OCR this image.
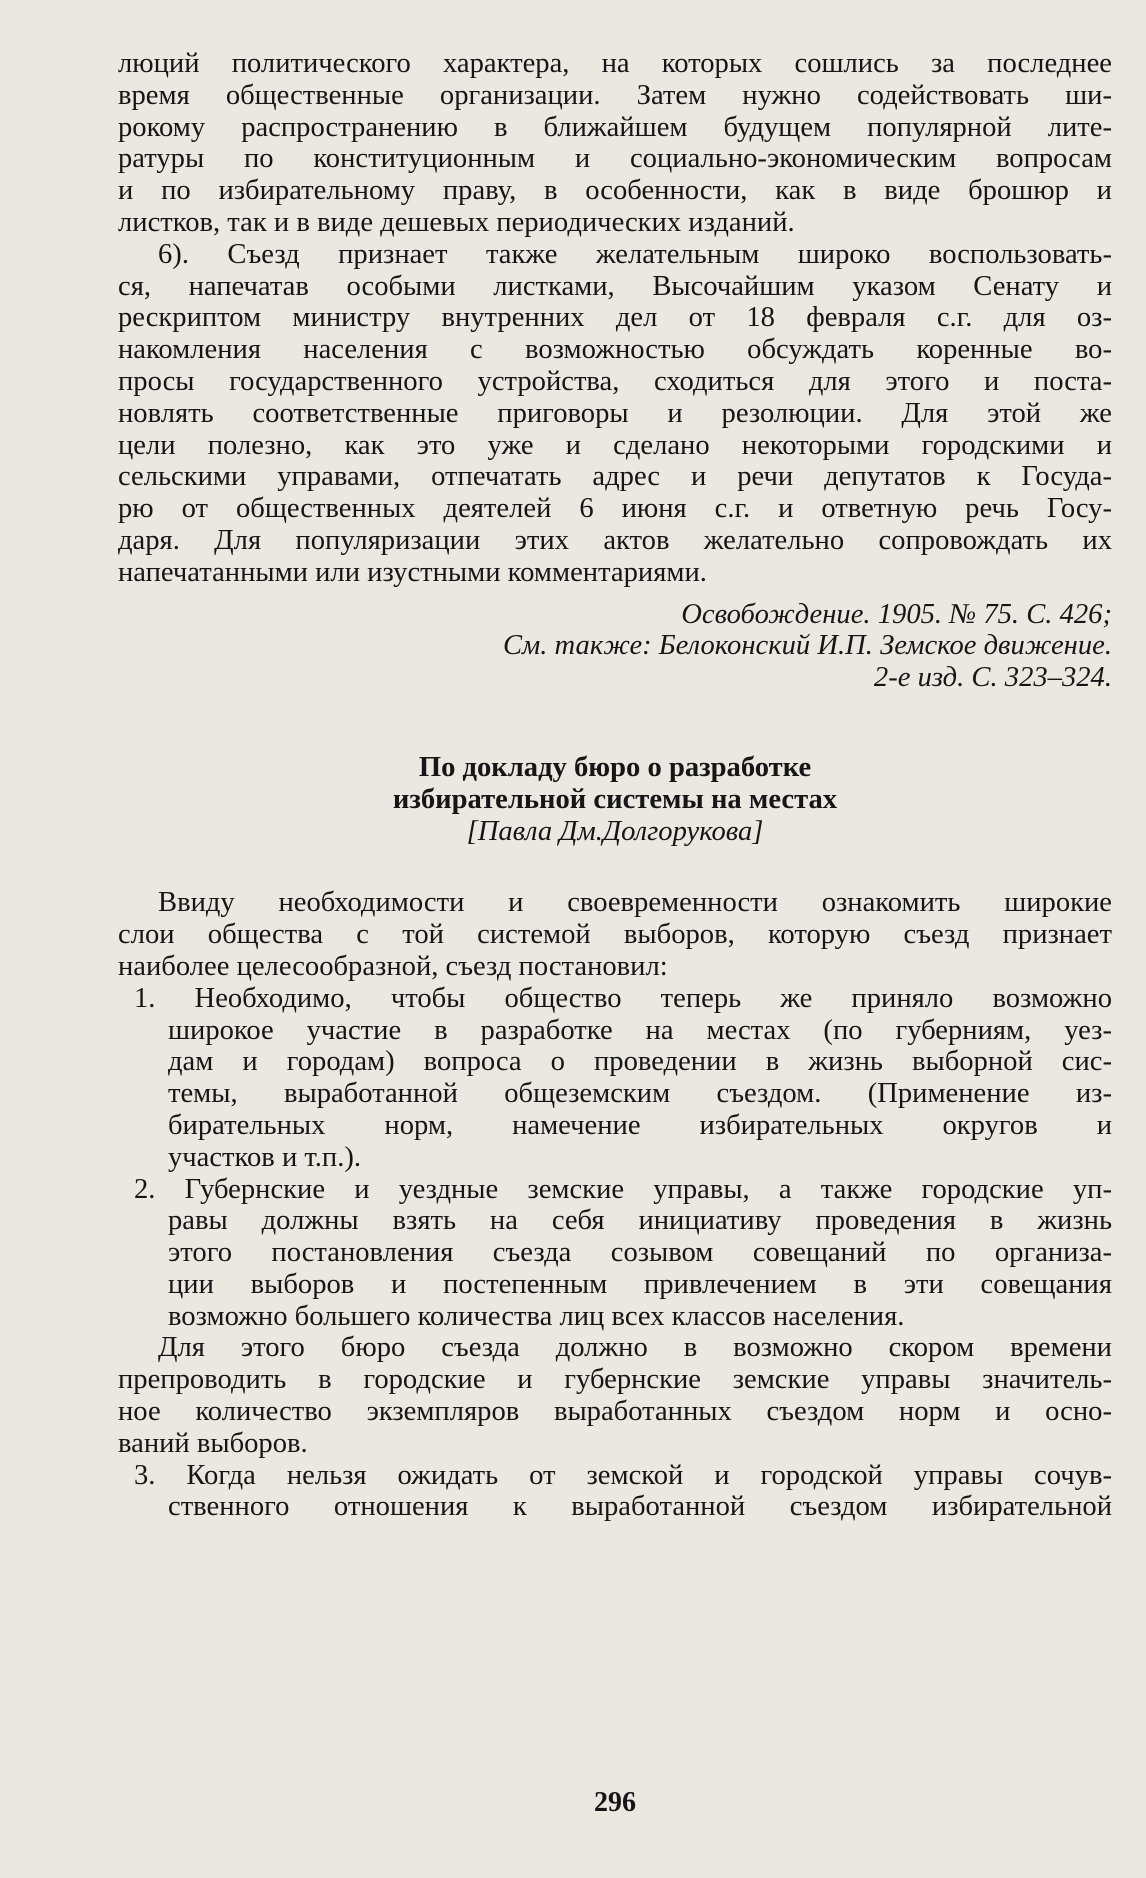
люций политического характера, на которых сошлись за последнее
время общественные организации. Затем нужно содействовать ши-
рокому распространению в ближайшем будущем популярной лите-
ратуры по конституционным и социально-экономическим вопросам
и по избирательному праву, в особенности, как в виде брошюр и
листков, так и в виде дешевых периодических изданий.
6). Съезд признает также желательным широко воспользовать-
ся, напечатав особыми листками, Высочайшим указом Сенату и
рескриптом министру внутренних дел от 18 февраля с.г. для оз-
накомления населения с возможностью обсуждать коренные во-
просы государственного устройства, сходиться для этого и поста-
новлять соответственные приговоры и резолюции. Для этой же
цели полезно, как это уже и сделано некоторыми городскими и
сельскими управами, отпечатать адрес и речи депутатов к Госуда-
рю от общественных деятелей 6 июня с.г. и ответную речь Госу-
даря. Для популяризации этих актов желательно сопровождать их
напечатанными или изустными комментариями.
Освобождение. 1905. № 75. С. 426;
См. также: Белоконский И.П. Земское движение.
2-е изд. С. 323–324.
По докладу бюро о разработке
избирательной системы на местах
[Павла Дм.Долгорукова]
Ввиду необходимости и своевременности ознакомить широкие
слои общества с той системой выборов, которую съезд признает
наиболее целесообразной, съезд постановил:
1. Необходимо, чтобы общество теперь же приняло возможно
широкое участие в разработке на местах (по губерниям, уез-
дам и городам) вопроса о проведении в жизнь выборной сис-
темы, выработанной общеземским съездом. (Применение из-
бирательных норм, намечение избирательных округов и
участков и т.п.).
2. Губернские и уездные земские управы, а также городские уп-
равы должны взять на себя инициативу проведения в жизнь
этого постановления съезда созывом совещаний по организа-
ции выборов и постепенным привлечением в эти совещания
возможно большего количества лиц всех классов населения.
Для этого бюро съезда должно в возможно скором времени
препроводить в городские и губернские земские управы значитель-
ное количество экземпляров выработанных съездом норм и осно-
ваний выборов.
3. Когда нельзя ожидать от земской и городской управы сочув-
ственного отношения к выработанной съездом избирательной
296
